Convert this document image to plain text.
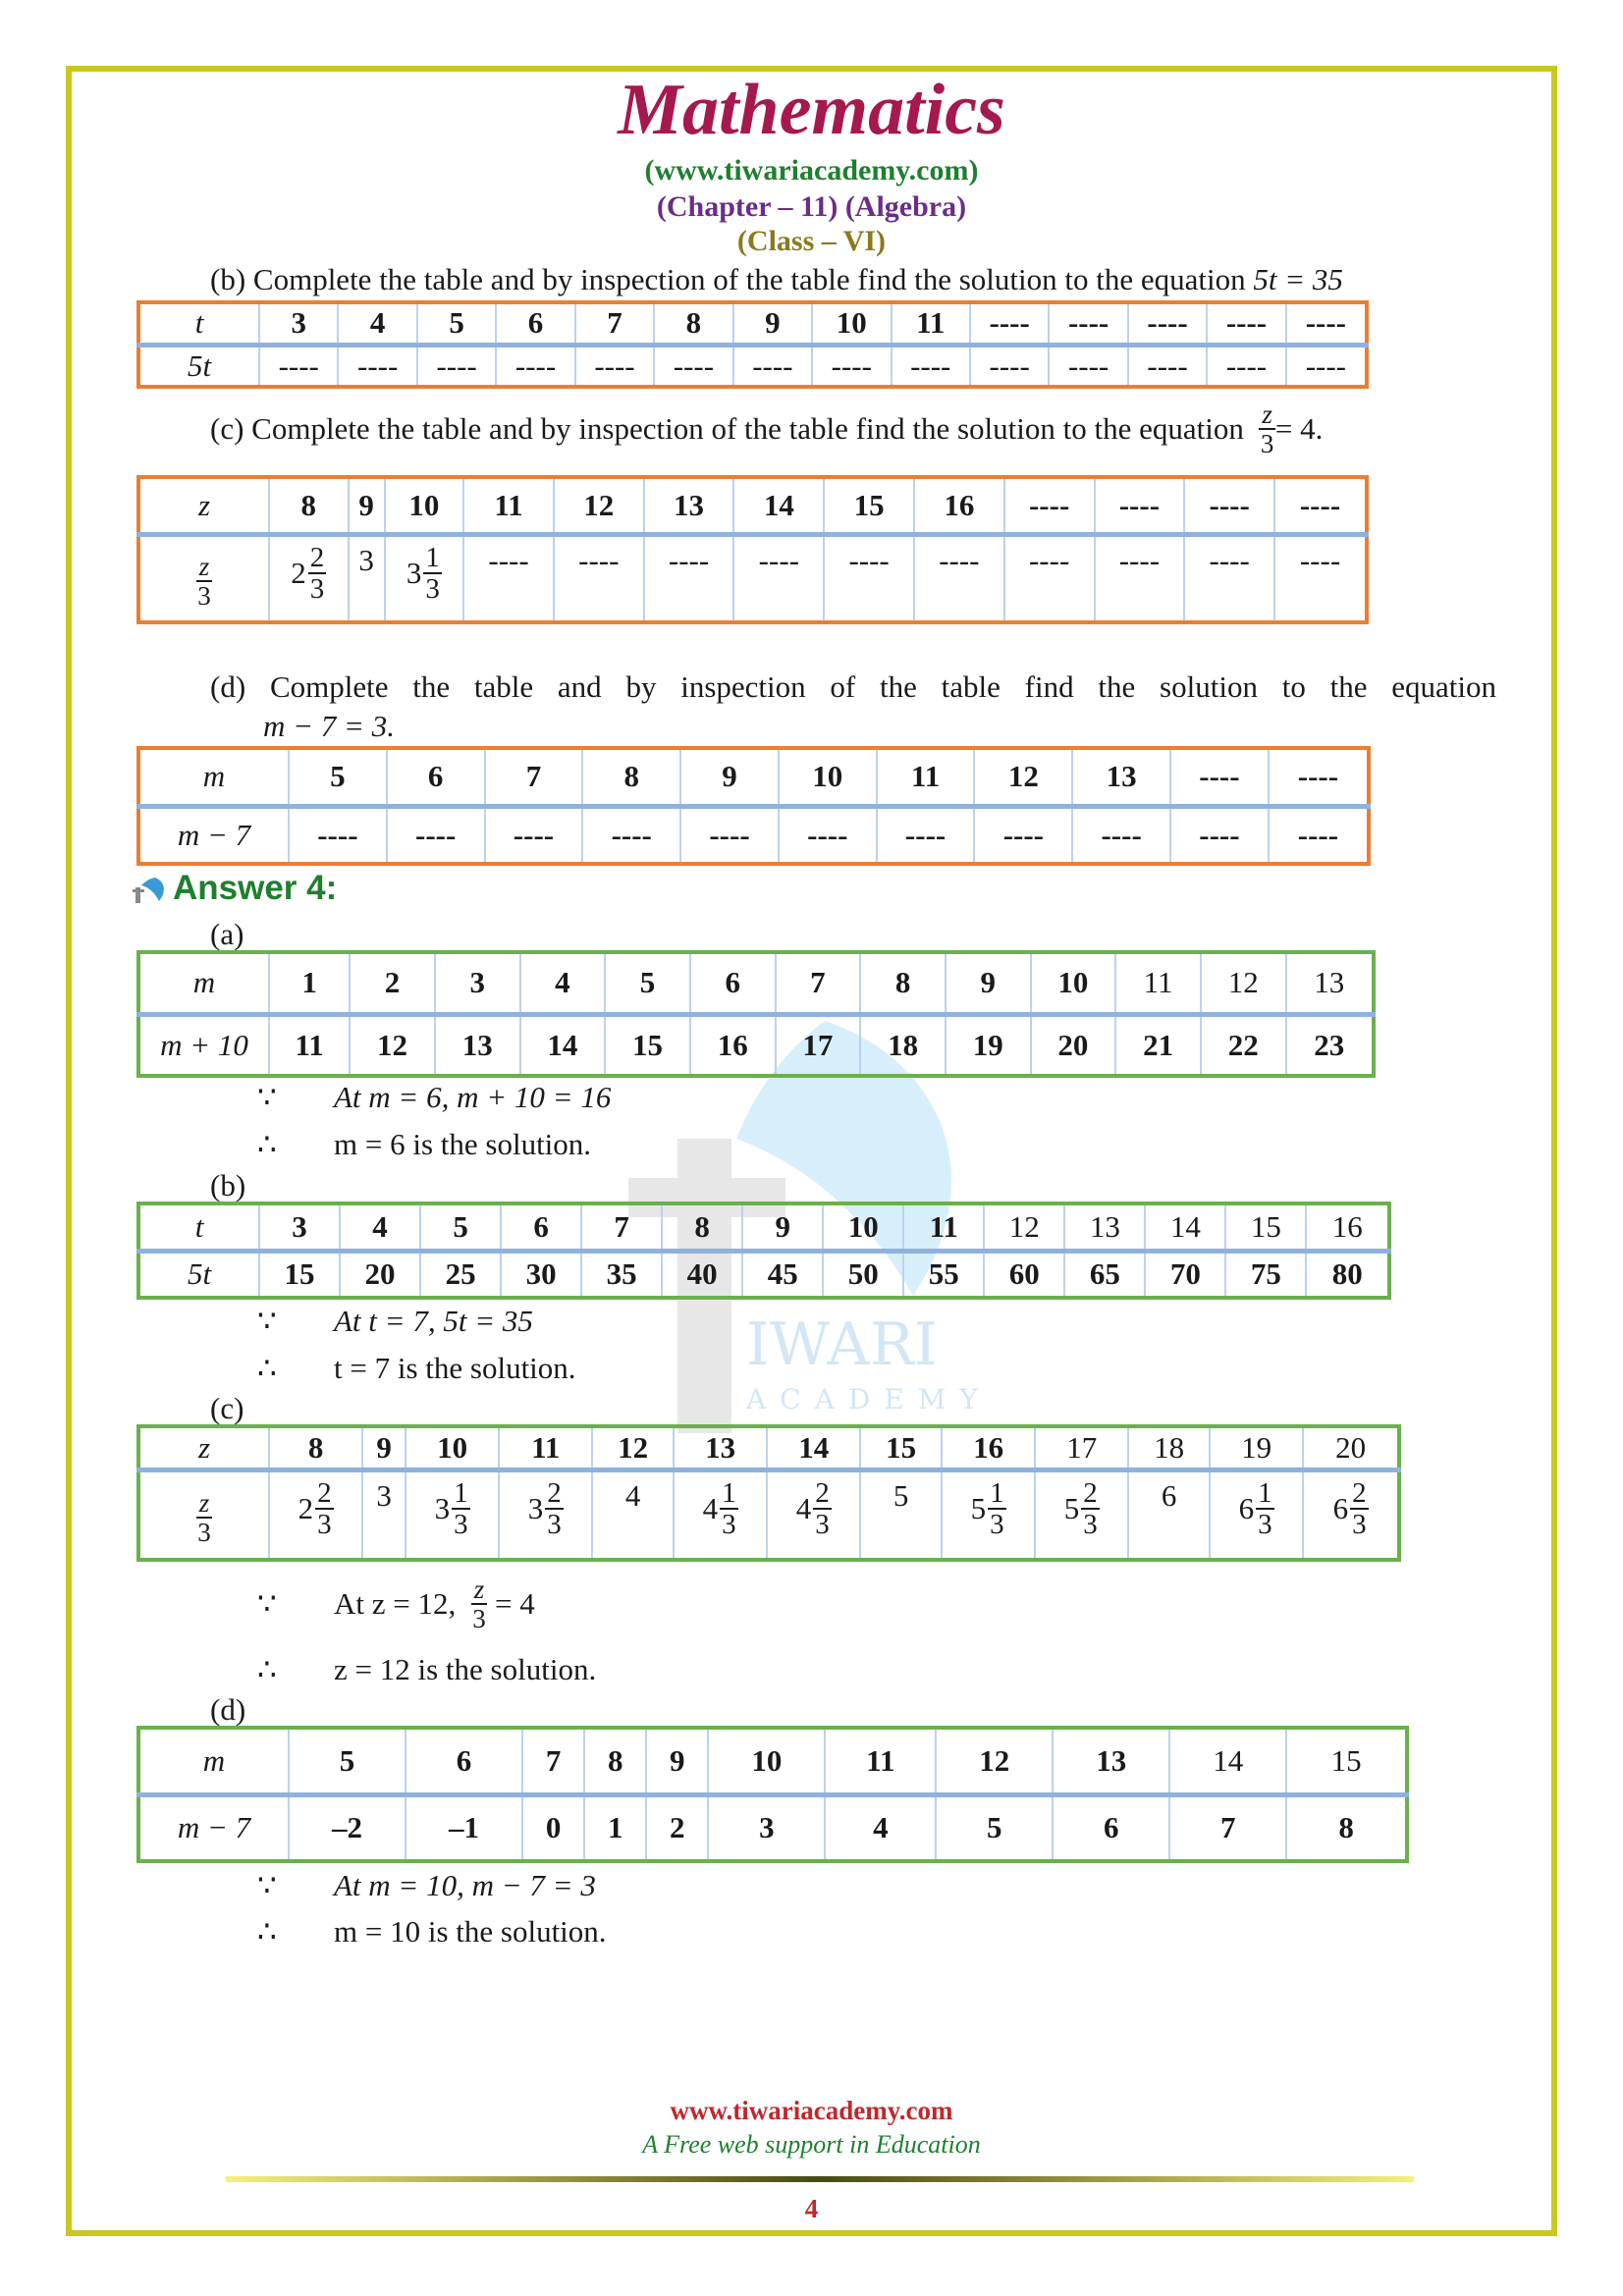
IWARI
ACADEMY
Mathematics
(www.tiwariacademy.com)
(Chapter – 11) (Algebra)
(Class – VI)
(b) Complete the table and by inspection of the table find the solution to the equation 5t = 35
t	3	4	5	6	7	8	9	10	11	----	----	----	----	----
5t	----	----	----	----	----	----	----	----	----	----	----	----	----	----
(c)
Complete the table and by inspection of the table find the solution to the equation
$\frac{z}{3} = 4$.
z	8	9	10	11	12	13	14	15	16	----	----	----	----

$\frac{z}{3}$	$2 \frac{2}{3}$	3	$3 \frac{1}{3}$	----	----	----	----	----	----	----	----	----	----
(d) Complete the table and by inspection of the table find the solution to the equation
m − 7 = 3.
m	5	6	7	8	9	10	11	12	13	----	----
m − 7	----	----	----	----	----	----	----	----	----	----	----
Answer 4:
(a)
m	1	2	3	4	5	6	7	8	9	10	11	12	13
m + 10	11	12	13	14	15	16	17	18	19	20	21	22	23
∵ At m = 6, m + 10 = 16
∴ m = 6 is the solution.
(b)
t	3	4	5	6	7	8	9	10	11	12	13	14	15	16
5t	15	20	25	30	35	40	45	50	55	60	65	70	75	80
∵ At t = 7, 5t = 35
∴ t = 7 is the solution.
(c)
z	8	9	10	11	12	13	14	15	16	17	18	19	20

$\frac{z}{3}$	$2 \frac{2}{3}$	3	$3 \frac{1}{3}$	$3 \frac{2}{3}$	4	$4 \frac{1}{3}$	$4 \frac{2}{3}$	5	$5 \frac{1}{3}$	$5 \frac{2}{3}$	6	$6 \frac{1}{3}$	$6 \frac{2}{3}$
∵	At z = 12,
$\frac{z}{3}$
= 4
∴ z = 12 is the solution.
(d)
m	5	6	7	8	9	10	11	12	13	14	15
m − 7	–2	–1	0	1	2	3	4	5	6	7	8
∵ At m = 10, m − 7 = 3
∴ m = 10 is the solution.
www.tiwariacademy.com
A Free web support in Education
4
